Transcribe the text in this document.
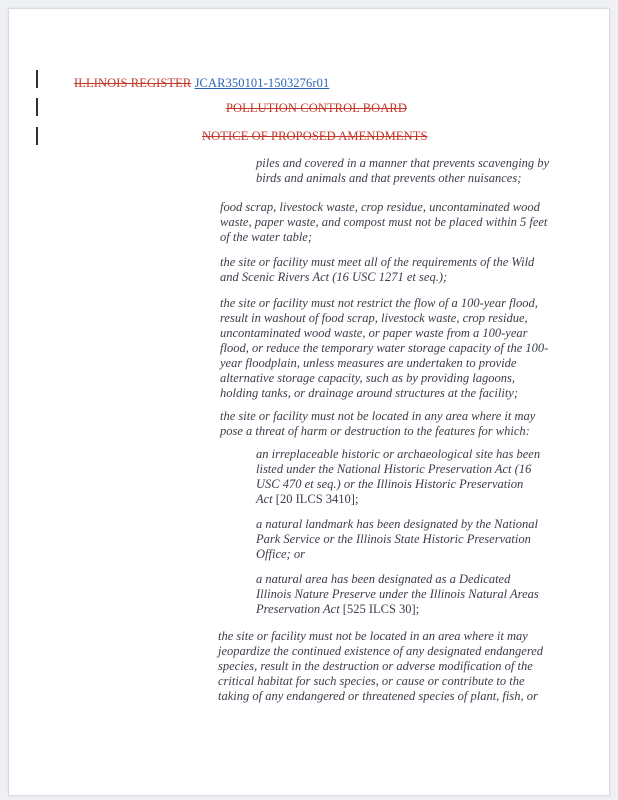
ILLINOIS REGISTER JCAR350101-1503276r01
POLLUTION CONTROL BOARD
NOTICE OF PROPOSED AMENDMENTS

piles and covered in a manner that prevents scavenging by birds and animals and that prevents other nuisances;

food scrap, livestock waste, crop residue, uncontaminated wood waste, paper waste, and compost must not be placed within 5 feet of the water table;

the site or facility must meet all of the requirements of the Wild and Scenic Rivers Act (16 USC 1271 et seq.);

the site or facility must not restrict the flow of a 100-year flood, result in washout of food scrap, livestock waste, crop residue, uncontaminated wood waste, or paper waste from a 100-year flood, or reduce the temporary water storage capacity of the 100-year floodplain, unless measures are undertaken to provide alternative storage capacity, such as by providing lagoons, holding tanks, or drainage around structures at the facility;

the site or facility must not be located in any area where it may pose a threat of harm or destruction to the features for which:

an irreplaceable historic or archaeological site has been listed under the National Historic Preservation Act (16 USC 470 et seq.) or the Illinois Historic Preservation Act [20 ILCS 3410];

a natural landmark has been designated by the National Park Service or the Illinois State Historic Preservation Office; or

a natural area has been designated as a Dedicated Illinois Nature Preserve under the Illinois Natural Areas Preservation Act [525 ILCS 30];

the site or facility must not be located in an area where it may jeopardize the continued existence of any designated endangered species, result in the destruction or adverse modification of the critical habitat for such species, or cause or contribute to the taking of any endangered or threatened species of plant, fish, or
